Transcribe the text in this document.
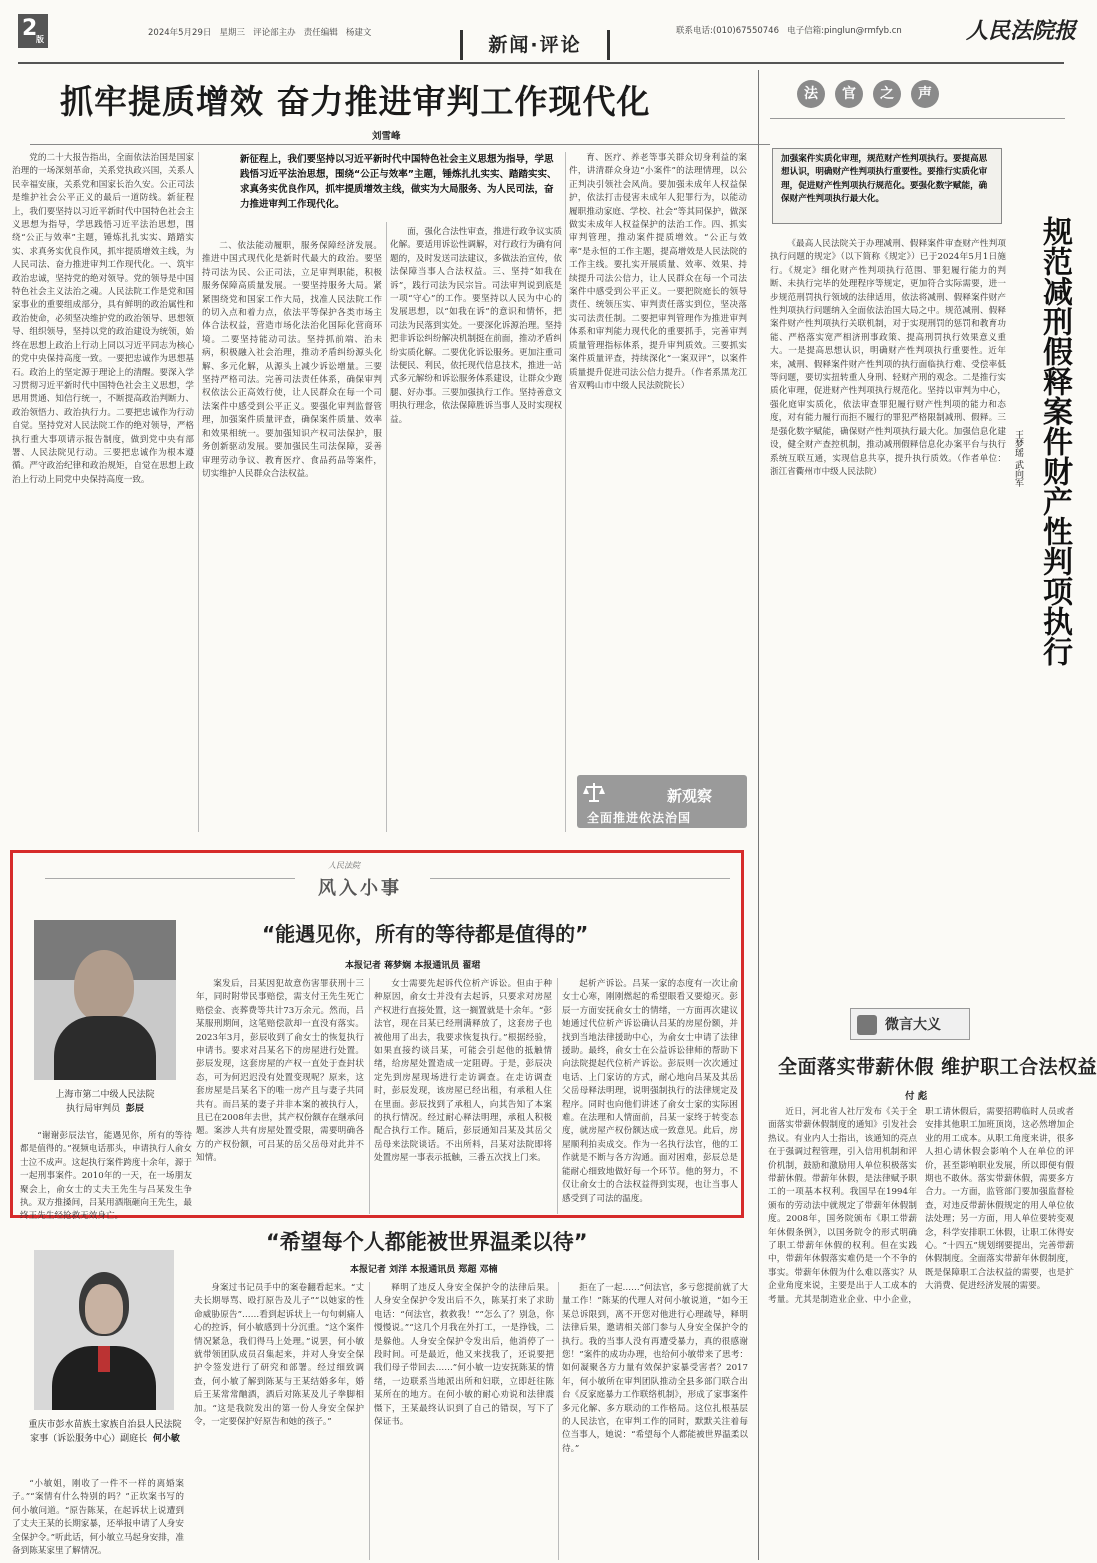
2
版
2024年5月29日 星期三 评论部主办 责任编辑 杨建文
新闻·评论
联系电话:(010)67550746 电子信箱:pinglun@rmfyb.cn	人民法院报
抓牢提质增效 奋力推进审判工作现代化
刘雪峰
新征程上，我们要坚持以习近平新时代中国特色社会主义思想为指导，学思践悟习近平法治思想，围绕“公正与效率”主题，锤炼扎扎实实、踏踏实实、求真务实优良作风，抓牢提质增效主线，做实为大局服务、为人民司法，奋力推进审判工作现代化。

党的二十大报告指出，全面依法治国是国家治理的一场深刻革命，关系党执政兴国，关系人民幸福安康，关系党和国家长治久安。公正司法是维护社会公平正义的最后一道防线。新征程上，我们要坚持以习近平新时代中国特色社会主义思想为指导，学思践悟习近平法治思想，围绕“公正与效率”主题，锤炼扎扎实实、踏踏实实、求真务实优良作风，抓牢提质增效主线，为人民司法、奋力推进审判工作现代化。一、筑牢政治忠诚，坚持党的绝对领导。党的领导是中国特色社会主义法治之魂。人民法院工作是党和国家事业的重要组成部分，具有鲜明的政治属性和政治使命，必须坚决维护党的政治领导、思想领导、组织领导，坚持以党的政治建设为统领，始终在思想上政治上行动上同以习近平同志为核心的党中央保持高度一致。一要把忠诚作为思想基石。政治上的坚定源于理论上的清醒。要深入学习贯彻习近平新时代中国特色社会主义思想，学思用贯通、知信行统一，不断提高政治判断力、政治领悟力、政治执行力。二要把忠诚作为行动自觉。坚持党对人民法院工作的绝对领导，严格执行重大事项请示报告制度，做到党中央有部署、人民法院见行动。三要把忠诚作为根本遵循。严守政治纪律和政治规矩，自觉在思想上政治上行动上同党中央保持高度一致。

二、依法能动履职，服务保障经济发展。推进中国式现代化是新时代最大的政治。要坚持司法为民、公正司法，立足审判职能，积极服务保障高质量发展。一要坚持服务大局。紧紧围绕党和国家工作大局，找准人民法院工作的切入点和着力点，依法平等保护各类市场主体合法权益，营造市场化法治化国际化营商环境。二要坚持能动司法。坚持抓前端、治未病，积极融入社会治理，推动矛盾纠纷源头化解、多元化解，从源头上减少诉讼增量。三要坚持严格司法。完善司法责任体系，确保审判权依法公正高效行使，让人民群众在每一个司法案件中感受到公平正义。要强化审判监督管理，加强案件质量评查，确保案件质量、效率和效果相统一。要加强知识产权司法保护，服务创新驱动发展。要加强民生司法保障，妥善审理劳动争议、教育医疗、食品药品等案件，切实维护人民群众合法权益。

面，强化合法性审查，推进行政争议实质化解。要适用诉讼性调解，对行政行为确有问题的，及时发送司法建议，多做法治宣传，依法保障当事人合法权益。三、坚持“如我在诉”，践行司法为民宗旨。司法审判说到底是一项“守心”的工作。要坚持以人民为中心的发展思想，以“如我在诉”的意识和情怀，把司法为民落到实处。一要深化诉源治理。坚持把非诉讼纠纷解决机制挺在前面，推动矛盾纠纷实质化解。二要优化诉讼服务。更加注重司法便民、利民，依托现代信息技术，推进一站式多元解纷和诉讼服务体系建设，让群众少跑腿、好办事。三要加强执行工作。坚持善意文明执行理念，依法保障胜诉当事人及时实现权益。

育、医疗、养老等事关群众切身利益的案件，讲清群众身边“小案件”的法理情理，以公正判决引领社会风尚。要加强未成年人权益保护，依法打击侵害未成年人犯罪行为，以能动履职推动家庭、学校、社会“等其同保护，做深做实未成年人权益保护的法治工作。四、抓实审判管理，推动案件提质增效。“公正与效率”是永恒的工作主题，提高增效是人民法院的工作主线。要扎实开展质量、效率、效果、持续提升司法公信力，让人民群众在每一个司法案件中感受到公平正义。一要把院庭长的领导责任、统领压实、审判责任落实到位，坚决落实司法责任制。二要把审判管理作为推进审判体系和审判能力现代化的重要抓手，完善审判质量管理指标体系，提升审判质效。三要抓实案件质量评查，持续深化“一案双评”，以案件质量提升促进司法公信力提升。（作者系黑龙江省双鸭山市中级人民法院院长）

新观察
全面推进依法治国
法 官 之 声
加强案件实质化审理，规范财产性判项执行。要提高思想认识，明确财产性判项执行重要性。要推行实质化审理，促进财产性判项执行规范化。要强化数字赋能，确保财产性判项执行最大化。
规范减刑假释案件财产性判项执行
王梦瑶 武向军

《最高人民法院关于办理减刑、假释案件审查财产性判项执行问题的规定》（以下简称《规定》）已于2024年5月1日施行。《规定》细化财产性判项执行范围、罪犯履行能力的判断、未执行完毕的处理程序等规定，更加符合实际需要，进一步规范刑罚执行领域的法律适用，依法将减刑、假释案件财产性判项执行问题纳入全面依法治国大局之中。规范减刑、假释案件财产性判项执行关联机制，对于实现刑罚的惩罚和教育功能、严格落实宽严相济刑事政策、提高刑罚执行效果意义重大。一是提高思想认识，明确财产性判项执行重要性。近年来，减刑、假释案件财产性判项的执行面临执行难、受偿率低等问题，要切实扭转重人身刑、轻财产刑的观念。二是推行实质化审理，促进财产性判项执行规范化。坚持以审判为中心，强化庭审实质化，依法审查罪犯履行财产性判项的能力和态度，对有能力履行而拒不履行的罪犯严格限制减刑、假释。三是强化数字赋能，确保财产性判项执行最大化。加强信息化建设，健全财产查控机制，推动减刑假释信息化办案平台与执行系统互联互通，实现信息共享，提升执行质效。（作者单位：浙江省衢州市中级人民法院）

微言大义
全面落实带薪休假 维护职工合法权益
付 彪

近日，河北省人社厅发布《关于全面落实带薪休假制度的通知》引发社会热议。有业内人士指出，该通知的亮点在于强调过程管理，引入信用机制和评价机制，鼓励和激励用人单位积极落实带薪休假。带薪年休假，是法律赋予职工的一项基本权利。我国早在1994年颁布的劳动法中就规定了带薪年休假制度。2008年，国务院颁布《职工带薪年休假条例》，以国务院令的形式明确了职工带薪年休假的权利。但在实践中，带薪年休假落实难仍是一个不争的事实。带薪年休假为什么难以落实？从企业角度来说，主要是出于人工成本的考量。尤其是制造业企业、中小企业，职工请休假后，需要招聘临时人员或者安排其他职工加班顶岗，这必然增加企业的用工成本。从职工角度来讲，很多人担心请休假会影响个人在单位的评价，甚至影响职业发展，所以即便有假期也不敢休。落实带薪休假，需要多方合力。一方面，监管部门要加强监督检查，对违反带薪休假规定的用人单位依法处理；另一方面，用人单位要转变观念，科学安排职工休假，让职工休得安心。“十四五”规划纲要提出，完善带薪休假制度。全面落实带薪年休假制度，既是保障职工合法权益的需要，也是扩大消费、促进经济发展的需要。

人民法院
风入小事
上海市第二中级人民法院
执行局审判员 彭辰

“谢谢彭辰法官，能遇见你，所有的等待都是值得的。”视频电话那头，申请执行人俞女士泣不成声。这起执行案件跨度十余年，源于一起刑事案件。2010年的一天，在一场朋友聚会上，俞女士的丈夫王先生与吕某发生争执。双方推搡间，吕某用酒瓶砸向王先生，最终王先生经抢救无效身亡。

“能遇见你，所有的等待都是值得的”
本报记者 蒋梦娴 本报通讯员 翟珺

案发后，吕某因犯故意伤害罪获刑十三年，同时附带民事赔偿，需支付王先生死亡赔偿金、丧葬费等共计73万余元。然而，吕某服刑期间，这笔赔偿款却一直没有落实。2023年3月，彭辰收到了俞女士的恢复执行申请书。要求对吕某名下的房屋进行处置。彭辰发现，这套房屋的产权一直处于查封状态，可为何迟迟没有处置变现呢？原来，这套房屋是吕某名下的唯一房产且与妻子共同共有。而吕某的妻子并非本案的被执行人，且已在2008年去世，其产权份额存在继承问题。案涉人共有房屋处置受限，需要明确各方的产权份额，可吕某的岳父岳母对此并不知情。

女士需要先起诉代位析产诉讼。但由于种种原因，俞女士并没有去起诉，只要求对房屋产权进行直接处置，这一搁置就是十余年。“彭法官，现在吕某已经刑满释放了，这套房子也被他用了出去，我要求恢复执行。”根据经验，如果直接约谈吕某，可能会引起他的抵触情绪，给房屋处置造成一定阻碍。于是，彭辰决定先到房屋现场进行走访调查。在走访调查时，彭辰发现，该房屋已经出租，有承租人住在里面。彭辰找到了承租人，向其告知了本案的执行情况。经过耐心释法明理，承租人积极配合执行工作。随后，彭辰通知吕某及其岳父岳母来法院谈话。不出所料，吕某对法院即将处置房屋一事表示抵触，三番五次找上门来。

起析产诉讼。吕某一家的态度有一次让俞女士心寒，刚刚燃起的希望眼看又要熄灭。彭辰一方面安抚俞女士的情绪，一方面再次建议她通过代位析产诉讼确认吕某的房屋份额，并找到当地法律援助中心，为俞女士申请了法律援助。最终，俞女士在公益诉讼律师的帮助下向法院提起代位析产诉讼。彭辰则一次次通过电话、上门家访的方式，耐心地向吕某及其岳父岳母释法明理，说明强制执行的法律规定及程序。同时也向他们讲述了俞女士家的实际困难。在法理和人情面前，吕某一家终于转变态度，就房屋产权份额达成一致意见。此后，房屋顺利拍卖成交。作为一名执行法官，他的工作就是不断与各方沟通。面对困难，彭辰总是能耐心细致地做好每一个环节。他的努力，不仅让俞女士的合法权益得到实现，也让当事人感受到了司法的温度。

“希望每个人都能被世界温柔以待”
本报记者 刘洋 本报通讯员 郑超 邓楠
重庆市彭水苗族土家族自治县人民法院家事（诉讼服务中心）副庭长 何小敏

“小敏姐，刚收了一件不一样的离婚案子。”“案情有什么特别的吗？”正坎案书写的何小敏问道。“原告陈某，在起诉状上说遭到了丈夫王某的长期家暴，还举报申请了人身安全保护令。”听此话，何小敏立马起身安排，准备到陈某家里了解情况。

身案过书记员手中的案卷翻看起来。“丈夫长期辱骂、殴打原告及儿子”“以她家的性命威胁原告”……看到起诉状上一句句刺痛人心的控诉，何小敏感到十分沉重。“这个案件情况紧急，我们得马上处理。”说罢，何小敏就带领团队成员召集起来，并对人身安全保护令签发进行了研究和部署。经过细致调查，何小敏了解到陈某与王某结婚多年，婚后王某常常酗酒，酒后对陈某及儿子拳脚相加。“这是我院发出的第一份人身安全保护令，一定要保护好原告和她的孩子。”

释明了违反人身安全保护令的法律后果。人身安全保护令发出后不久，陈某打来了求助电话：“何法官，救救我！”“怎么了？别急，你慢慢说。”“这几个月我在外打工，一是挣钱，二是躲他。人身安全保护令发出后，他消停了一段时间。可是最近，他又来找我了，还说要把我们母子带回去……”何小敏一边安抚陈某的情绪，一边联系当地派出所和妇联，立即赶往陈某所在的地方。在何小敏的耐心劝说和法律震慑下，王某最终认识到了自己的错误，写下了保证书。

拒在了一起……“何法官，多亏您提前就了大量工作！”陈某的代理人对何小敏说道，“如今王某总诉限到，离不开您对他进行心理疏导，释明法律后果，邀请相关部门参与人身安全保护令的执行。我的当事人没有再遭受暴力，真的很感谢您！”案件的成功办理，也给何小敏带来了思考：如何凝聚各方力量有效保护家暴受害者？2017年，何小敏所在审判团队推动全县多部门联合出台《反家庭暴力工作联络机制》，形成了家事案件多元化解、多方联动的工作格局。这位扎根基层的人民法官，在审判工作的同时，默默关注着每位当事人，她说：“希望每个人都能被世界温柔以待。”
